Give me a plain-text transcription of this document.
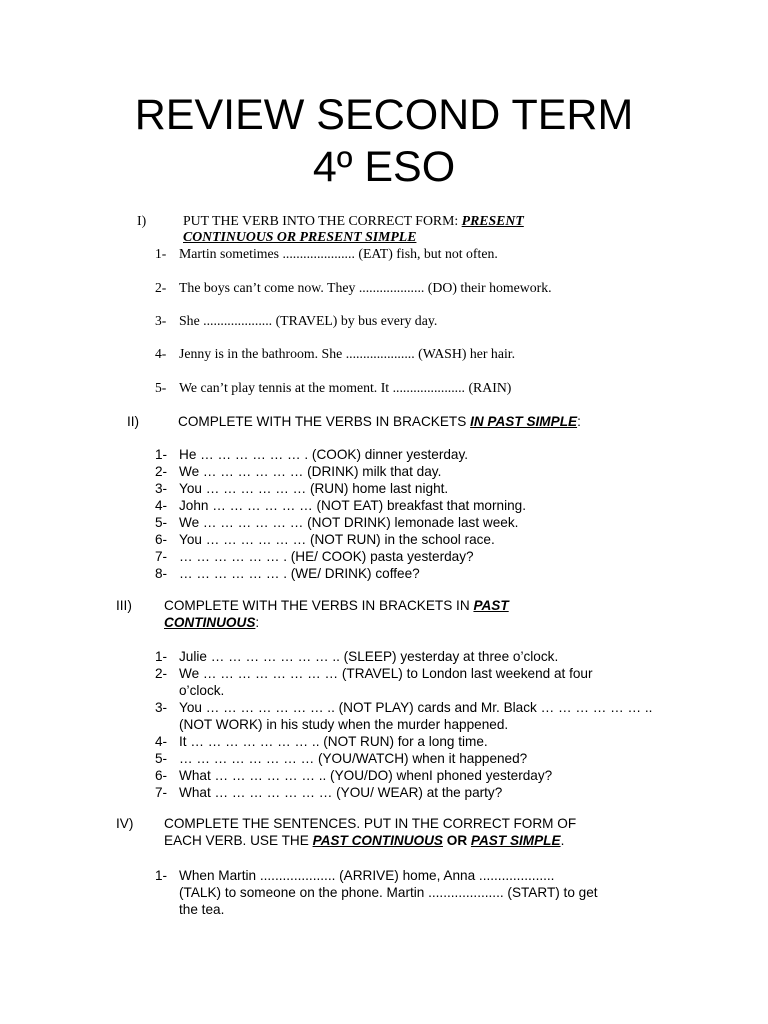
REVIEW SECOND TERM
4º ESO
I)	PUT THE VERB INTO THE CORRECT FORM: PRESENT
CONTINUOUS OR PRESENT SIMPLE
1- Martin sometimes ..................... (EAT) fish, but not often.
2- The boys can’t come now. They ................... (DO) their homework.
3- She .................... (TRAVEL) by bus every day.
4- Jenny is in the bathroom. She .................... (WASH) her hair.
5- We can’t play tennis at the moment. It ..................... (RAIN)
II)	COMPLETE WITH THE VERBS IN BRACKETS IN PAST SIMPLE:
1- He … … … … … … . (COOK) dinner yesterday.
2- We … … … … … … (DRINK) milk that day.
3- You … … … … … … (RUN) home last night.
4- John … … … … … … (NOT EAT) breakfast that morning.
5- We … … … … … … (NOT DRINK) lemonade last week.
6- You … … … … … … (NOT RUN) in the school race.
7- … … … … … … . (HE/ COOK) pasta yesterday?
8- … … … … … … . (WE/ DRINK) coffee?
III) COMPLETE WITH THE VERBS IN BRACKETS IN PAST
CONTINUOUS:
1- Julie … … … … … … … .. (SLEEP) yesterday at three o’clock.
2- We … … … … … … … … (TRAVEL) to London last weekend at four
o’clock.
3- You … … … … … … … .. (NOT PLAY) cards and Mr. Black … … … … … … ..
(NOT WORK) in his study when the murder happened.
4- It … … … … … … … .. (NOT RUN) for a long time.
5- … … … … … … … … (YOU/WATCH) when it happened?
6- What … … … … … … .. (YOU/DO) whenI phoned yesterday?
7- What … … … … … … … (YOU/ WEAR) at the party?
IV) COMPLETE THE SENTENCES. PUT IN THE CORRECT FORM OF
EACH VERB. USE THE PAST CONTINUOUS OR PAST SIMPLE.
1- When Martin .................... (ARRIVE) home, Anna ....................
(TALK) to someone on the phone. Martin .................... (START) to get
the tea.
